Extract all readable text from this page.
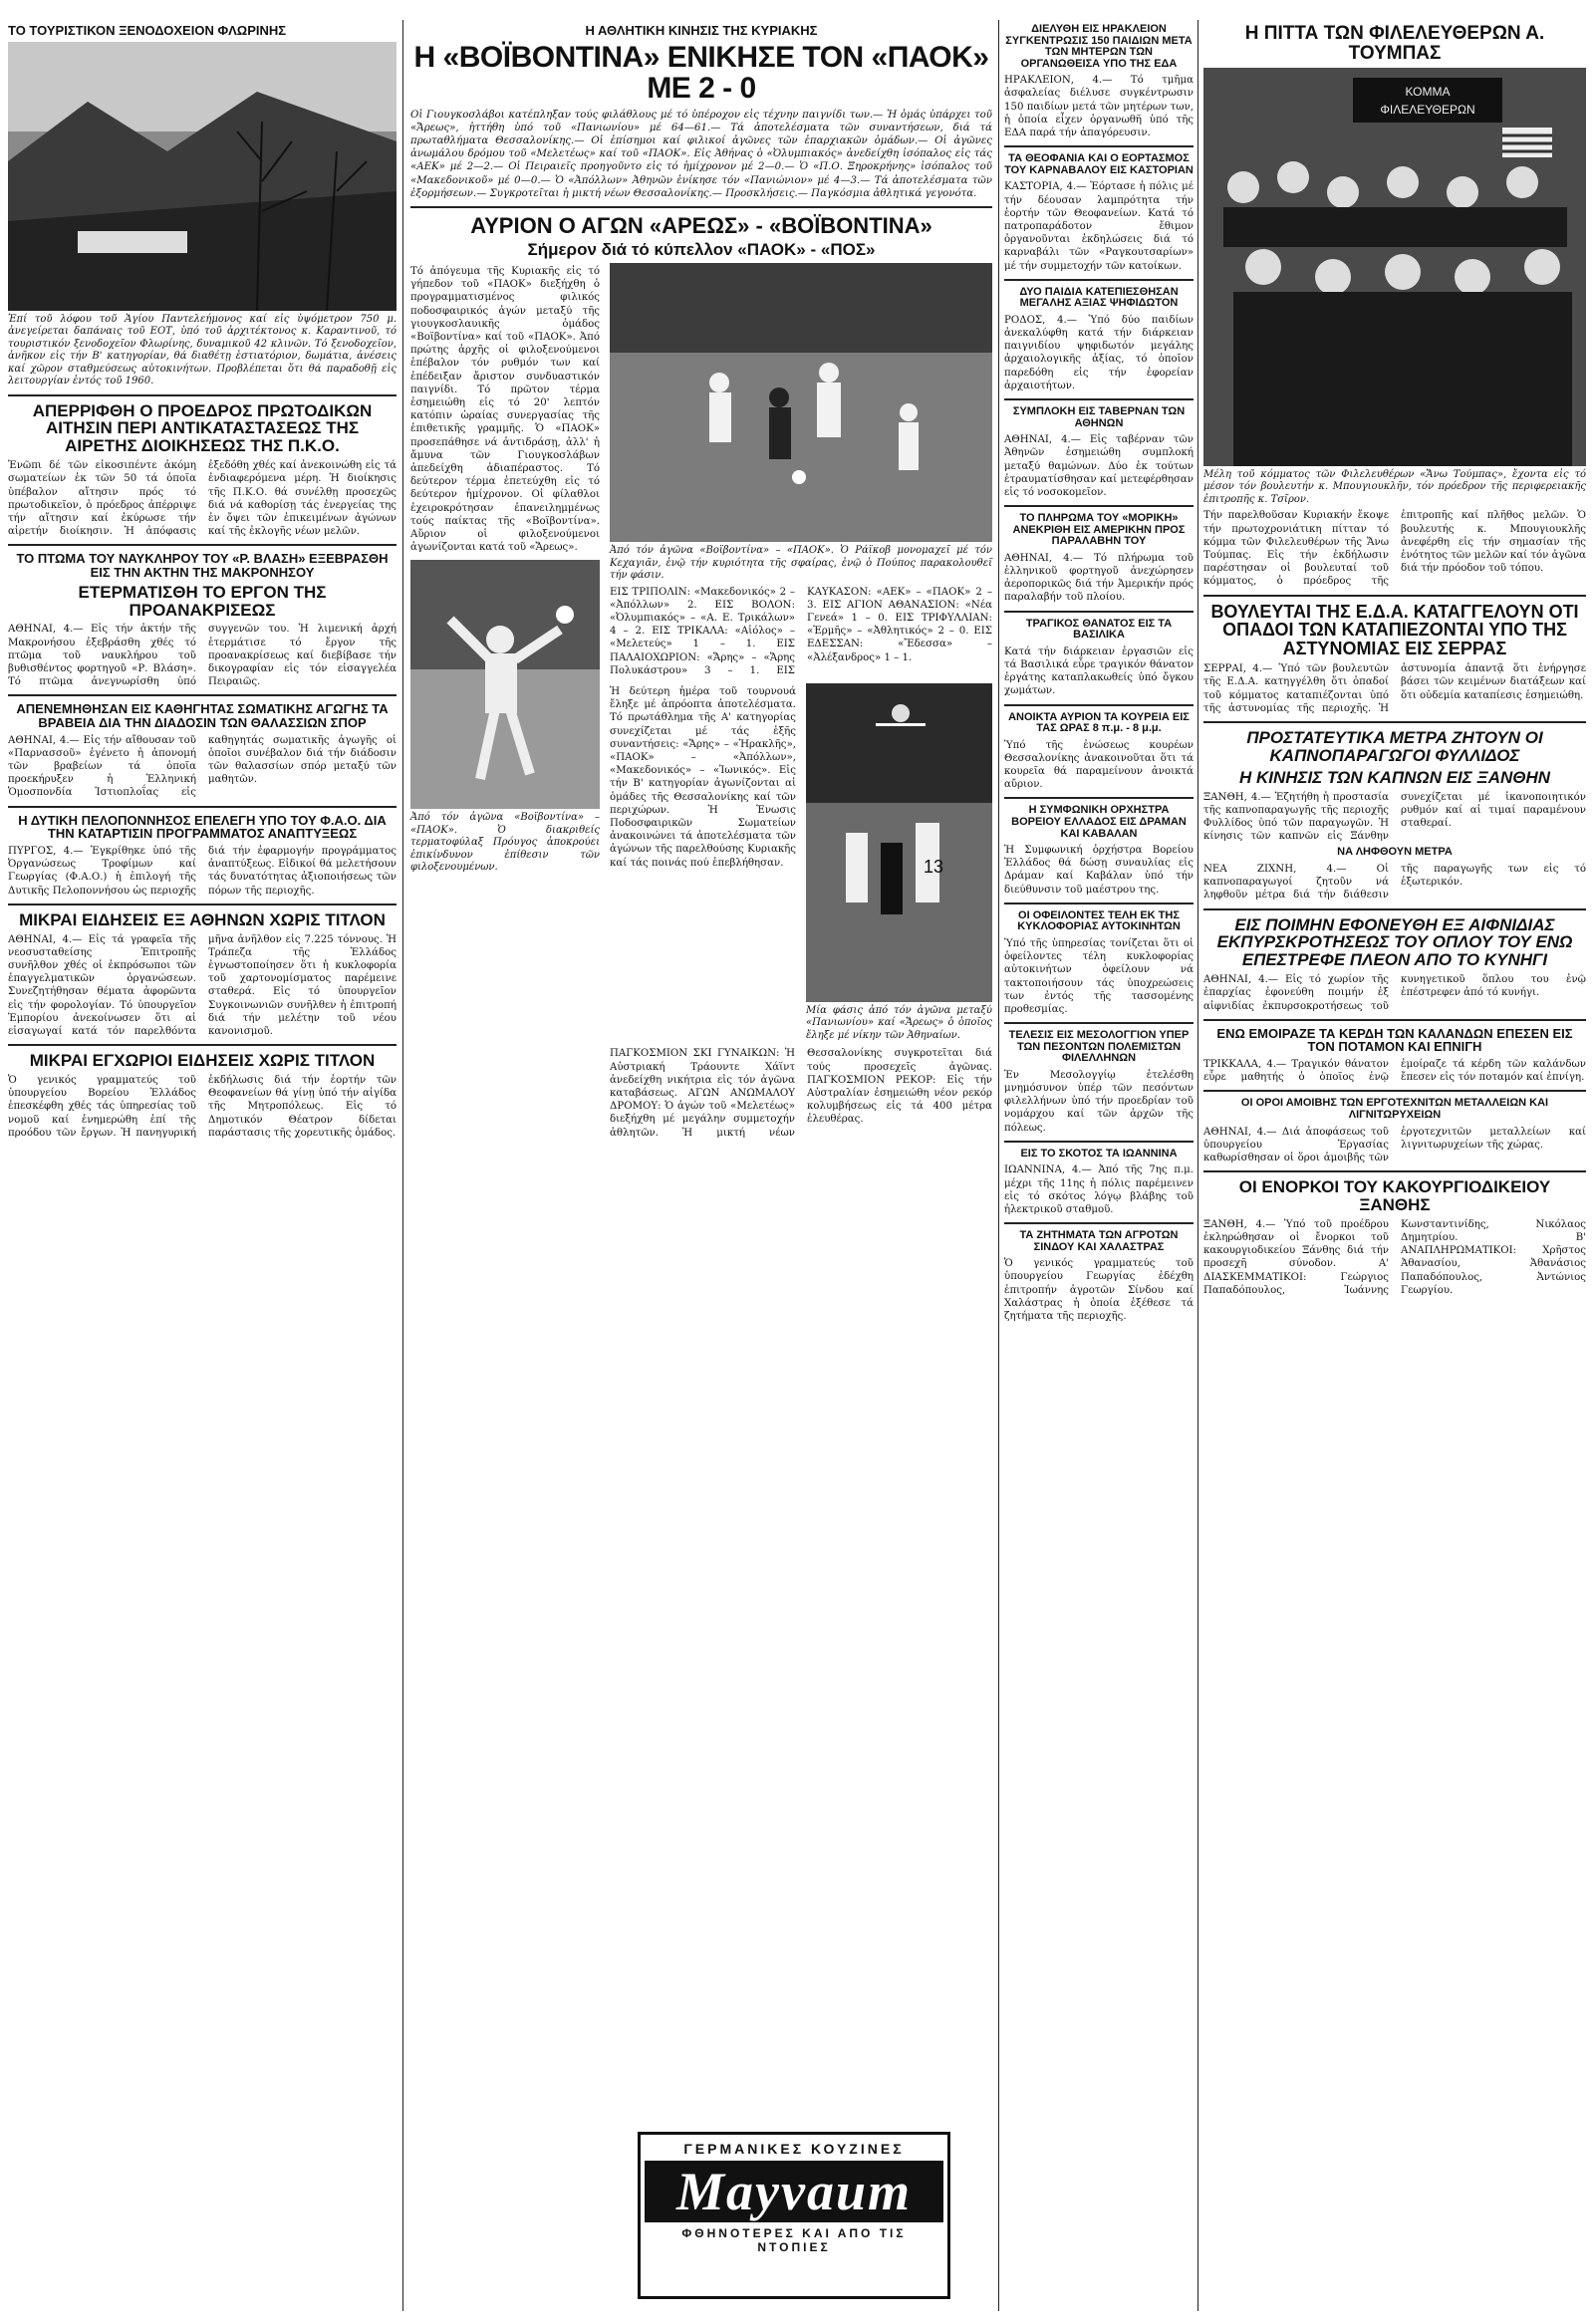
ΤΟ ΤΟΥΡΙΣΤΙΚΟΝ ΞΕΝΟΔΟΧΕΙΟΝ ΦΛΩΡΙΝΗΣ
Ἐπί τοῦ λόφου τοῦ Ἁγίου Παντελεήμονος καί εἰς ὑψόμετρον 750 μ. ἀνεγείρεται δαπάναις τοῦ ΕΟΤ, ὑπό τοῦ ἀρχιτέκτονος κ. Καραντινοῦ, τό τουριστικόν ξενοδοχεῖον Φλωρίνης, δυναμικοῦ 42 κλινῶν. Τό ξενοδοχεῖον, ἀνῆκον εἰς τήν Β' κατηγορίαν, θά διαθέτῃ ἑστιατόριον, δωμάτια, ἀνέσεις καί χῶρον σταθμεύσεως αὐτοκινήτων. Προβλέπεται ὅτι θά παραδοθῇ εἰς λειτουργίαν ἐντός τοῦ 1960.
ΑΠΕΡΡΙΦΘΗ Ο ΠΡΟΕΔΡΟΣ ΠΡΩΤΟΔΙΚΩΝ ΑΙΤΗΣΙΝ ΠΕΡΙ ΑΝΤΙΚΑΤΑΣΤΑΣΕΩΣ ΤΗΣ ΑΙΡΕΤΗΣ ΔΙΟΙΚΗΣΕΩΣ ΤΗΣ Π.Κ.Ο.
Ἐνῶπι δέ τῶν εἰκοσιπέντε ἀκόμη σωματείων ἐκ τῶν 50 τά ὁποῖα ὑπέβαλον αἴτησιν πρός τό πρωτοδικεῖον, ὁ πρόεδρος ἀπέρριψε τήν αἴτησιν καί ἐκύρωσε τήν αἱρετήν διοίκησιν. Ἡ ἀπόφασις ἐξεδόθη χθές καί ἀνεκοινώθη εἰς τά ἐνδιαφερόμενα μέρη. Ἡ διοίκησις τῆς Π.Κ.Ο. θά συνέλθῃ προσεχῶς διά νά καθορίσῃ τάς ἐνεργείας της ἐν ὄψει τῶν ἐπικειμένων ἀγώνων καί τῆς ἐκλογῆς νέων μελῶν.
ΤΟ ΠΤΩΜΑ ΤΟΥ ΝΑΥΚΛΗΡΟΥ ΤΟΥ «Ρ. ΒΛΑΣΗ» ΕΞΕΒΡΑΣΘΗ ΕΙΣ ΤΗΝ ΑΚΤΗΝ ΤΗΣ ΜΑΚΡΟΝΗΣΟΥ
ΕΤΕΡΜΑΤΙΣΘΗ ΤΟ ΕΡΓΟΝ ΤΗΣ ΠΡΟΑΝΑΚΡΙΣΕΩΣ
ΑΘΗΝΑΙ, 4.— Εἰς τήν ἀκτήν τῆς Μακρονήσου ἐξεβράσθη χθές τό πτῶμα τοῦ ναυκλήρου τοῦ βυθισθέντος φορτηγοῦ «Ρ. Βλάση». Τό πτῶμα ἀνεγνωρίσθη ὑπό συγγενῶν του. Ἡ λιμενική ἀρχή ἐτερμάτισε τό ἔργον τῆς προανακρίσεως καί διεβίβασε τήν δικογραφίαν εἰς τόν εἰσαγγελέα Πειραιῶς.
ΑΠΕΝΕΜΗΘΗΣΑΝ ΕΙΣ ΚΑΘΗΓΗΤΑΣ ΣΩΜΑΤΙΚΗΣ ΑΓΩΓΗΣ ΤΑ ΒΡΑΒΕΙΑ ΔΙΑ ΤΗΝ ΔΙΑΔΟΣΙΝ ΤΩΝ ΘΑΛΑΣΣΙΩΝ ΣΠΟΡ
ΑΘΗΝΑΙ, 4.— Εἰς τήν αἴθουσαν τοῦ «Παρνασσοῦ» ἐγένετο ἡ ἀπονομή τῶν βραβείων τά ὁποῖα προεκήρυξεν ἡ Ἑλληνική Ὁμοσπονδία Ἱστιοπλοΐας εἰς καθηγητάς σωματικῆς ἀγωγῆς οἱ ὁποῖοι συνέβαλον διά τήν διάδοσιν τῶν θαλασσίων σπόρ μεταξύ τῶν μαθητῶν.
Η ΔΥΤΙΚΗ ΠΕΛΟΠΟΝΝΗΣΟΣ ΕΠΕΛΕΓΗ ΥΠΟ ΤΟΥ Φ.Α.Ο. ΔΙΑ ΤΗΝ ΚΑΤΑΡΤΙΣΙΝ ΠΡΟΓΡΑΜΜΑΤΟΣ ΑΝΑΠΤΥΞΕΩΣ
ΠΥΡΓΟΣ, 4.— Ἐγκρίθηκε ὑπό τῆς Ὀργανώσεως Τροφίμων καί Γεωργίας (Φ.Α.Ο.) ἡ ἐπιλογή τῆς Δυτικῆς Πελοποννήσου ὡς περιοχῆς διά τήν ἐφαρμογήν προγράμματος ἀναπτύξεως. Εἰδικοί θά μελετήσουν τάς δυνατότητας ἀξιοποιήσεως τῶν πόρων τῆς περιοχῆς.
ΜΙΚΡΑΙ ΕΙΔΗΣΕΙΣ ΕΞ ΑΘΗΝΩΝ ΧΩΡΙΣ ΤΙΤΛΟΝ
ΑΘΗΝΑΙ, 4.— Εἰς τά γραφεῖα τῆς νεοσυσταθείσης Ἐπιτροπῆς συνῆλθον χθές οἱ ἐκπρόσωποι τῶν ἐπαγγελματικῶν ὀργανώσεων. Συνεζητήθησαν θέματα ἀφορῶντα εἰς τήν φορολογίαν. Τό ὑπουργεῖον Ἐμπορίου ἀνεκοίνωσεν ὅτι αἱ εἰσαγωγαί κατά τόν παρελθόντα μῆνα ἀνῆλθον εἰς 7.225 τόννους. Ἡ Τράπεζα τῆς Ἑλλάδος ἐγνωστοποίησεν ὅτι ἡ κυκλοφορία τοῦ χαρτονομίσματος παρέμεινε σταθερά. Εἰς τό ὑπουργεῖον Συγκοινωνιῶν συνῆλθεν ἡ ἐπιτροπή διά τήν μελέτην τοῦ νέου κανονισμοῦ.
ΜΙΚΡΑΙ ΕΓΧΩΡΙΟΙ ΕΙΔΗΣΕΙΣ ΧΩΡΙΣ ΤΙΤΛΟΝ
Ὁ γενικός γραμματεύς τοῦ ὑπουργείου Βορείου Ἑλλάδος ἐπεσκέφθη χθές τάς ὑπηρεσίας τοῦ νομοῦ καί ἐνημερώθη ἐπί τῆς προόδου τῶν ἔργων. Ἡ πανηγυρική ἐκδήλωσις διά τήν ἑορτήν τῶν Θεοφανείων θά γίνῃ ὑπό τήν αἰγίδα τῆς Μητροπόλεως. Εἰς τό Δημοτικόν Θέατρον δίδεται παράστασις τῆς χορευτικῆς ὁμάδος.
Η ΑΘΛΗΤΙΚΗ ΚΙΝΗΣΙΣ ΤΗΣ ΚΥΡΙΑΚΗΣ
Η «ΒΟΪΒΟΝΤΙΝΑ» ΕΝΙΚΗΣΕ ΤΟΝ «ΠΑΟΚ» ΜΕ 2 - 0
Οἱ Γιουγκοσλάβοι κατέπληξαν τούς φιλάθλους μέ τό ὑπέροχον εἰς τέχνην παιγνίδι των.— Ἡ ὁμάς ὑπάρχει τοῦ «Ἄρεως», ἡττήθη ὑπό τοῦ «Πανιωνίου» μέ 64—61.— Τά ἀποτελέσματα τῶν συναντήσεων, διά τά πρωταθλήματα Θεσσαλονίκης.— Οἱ ἐπίσημοι καί φιλικοί ἀγῶνες τῶν ἐπαρχιακῶν ὁμάδων.— Οἱ ἀγῶνες ἀνωμάλου δρόμου τοῦ «Μελετέως» καί τοῦ «ΠΑΟΚ». Εἰς Ἀθήνας ὁ «Ὀλυμπιακός» ἀνεδείχθη ἰσόπαλος εἰς τάς «ΑΕΚ» μέ 2—2.— Οἱ Πειραιεῖς προηγοῦντο εἰς τό ἡμίχρονον μέ 2—0.— Ὁ «Π.Ο. Ξηροκρήνης» ἰσόπαλος τοῦ «Μακεδονικοῦ» μέ 0—0.— Ὁ «Ἀπόλλων» Ἀθηνῶν ἐνίκησε τόν «Πανιώνιον» μέ 4—3.— Τά ἀποτελέσματα τῶν ἐξορμήσεων.— Συγκροτεῖται ἡ μικτή νέων Θεσσαλονίκης.— Προσκλήσεις.— Παγκόσμια ἀθλητικά γεγονότα.
ΑΥΡΙΟΝ Ο ΑΓΩΝ «ΑΡΕΩΣ» - «ΒΟΪΒΟΝΤΙΝΑ»
Σήμερον διά τό κύπελλον «ΠΑΟΚ» - «ΠΟΣ»
Τό ἀπόγευμα τῆς Κυριακῆς εἰς τό γήπεδον τοῦ «ΠΑΟΚ» διεξήχθη ὁ προγραμματισμένος φιλικός ποδοσφαιρικός ἀγών μεταξύ τῆς γιουγκοσλαυικῆς ὁμάδος «Βοϊβοντίνα» καί τοῦ «ΠΑΟΚ». Ἀπό πρώτης ἀρχῆς οἱ φιλοξενούμενοι ἐπέβαλον τόν ρυθμόν των καί ἐπέδειξαν ἄριστον συνδυαστικόν παιγνίδι. Τό πρῶτον τέρμα ἐσημειώθη εἰς τό 20' λεπτόν κατόπιν ὡραίας συνεργασίας τῆς ἐπιθετικῆς γραμμῆς. Ὁ «ΠΑΟΚ» προσεπάθησε νά ἀντιδράσῃ, ἀλλ' ἡ ἄμυνα τῶν Γιουγκοσλάβων ἀπεδείχθη ἀδιαπέραστος. Τό δεύτερον τέρμα ἐπετεύχθη εἰς τό δεύτερον ἡμίχρονον. Οἱ φίλαθλοι ἐχειροκρότησαν ἐπανειλημμένως τούς παίκτας τῆς «Βοϊβοντίνα». Αὔριον οἱ φιλοξενούμενοι ἀγωνίζονται κατά τοῦ «Ἄρεως».
Ἀπό τόν ἀγῶνα «Βοϊβοντίνα» – «ΠΑΟΚ». Ὁ διακριθείς τερματοφύλαξ Πρόυγος ἀποκρούει ἐπικίνδυνον ἐπίθεσιν τῶν φιλοξενουμένων.
Ἀπό τόν ἀγῶνα «Βοϊβοντίνα» – «ΠΑΟΚ». Ὁ Ράϊκοβ μονομαχεῖ μέ τόν Κεχαγιᾶν, ἐνῷ τήν κυριότητα τῆς σφαίρας, ἐνῷ ὁ Πούπος παρακολουθεῖ τήν φάσιν.
ΕΙΣ ΤΡΙΠΟΛΙΝ: «Μακεδονικός» 2 – «Ἀπόλλων» 2. ΕΙΣ ΒΟΛΟΝ: «Ὀλυμπιακός» – «Α. Ε. Τρικάλων» 4 – 2. ΕΙΣ ΤΡΙΚΑΛΑ: «Αἰόλος» – «Μελετεύς» 1 – 1. ΕΙΣ ΠΑΛΑΙΟΧΩΡΙΟΝ: «Ἄρης» – «Ἄρης Πολυκάστρου» 3 – 1. ΕΙΣ ΚΑΥΚΑΣΟΝ: «ΑΕΚ» – «ΠΑΟΚ» 2 – 3. ΕΙΣ ΑΓΙΟΝ ΑΘΑΝΑΣΙΟΝ: «Νέα Γενεά» 1 – 0. ΕΙΣ ΤΡΙΦΥΛΛΙΑΝ: «Ἑρμῆς» – «Ἀθλητικός» 2 – 0. ΕΙΣ ΕΔΕΣΣΑΝ: «Ἔδεσσα» – «Ἀλέξανδρος» 1 – 1.
Ἡ δεύτερη ἡμέρα τοῦ τουρνουά ἔληξε μέ ἀπρόοπτα ἀποτελέσματα. Τό πρωτάθλημα τῆς Α' κατηγορίας συνεχίζεται μέ τάς ἑξῆς συναντήσεις: «Ἄρης» – «Ἡρακλῆς», «ΠΑΟΚ» – «Ἀπόλλων», «Μακεδονικός» – «Ἰωνικός». Εἰς τήν Β' κατηγορίαν ἀγωνίζονται αἱ ὁμάδες τῆς Θεσσαλονίκης καί τῶν περιχώρων. Ἡ Ἑνωσις Ποδοσφαιρικῶν Σωματείων ἀνακοινώνει τά ἀποτελέσματα τῶν ἀγώνων τῆς παρελθούσης Κυριακῆς καί τάς ποινάς πού ἐπεβλήθησαν.	13
Μία φάσις ἀπό τόν ἀγῶνα μεταξύ «Πανιωνίου» καί «Ἄρεως» ὁ ὁποῖος ἔληξε μέ νίκην τῶν Ἀθηναίων.
ΠΑΓΚΟΣΜΙΟΝ ΣΚΙ ΓΥΝΑΙΚΩΝ: Ἡ Αὐστριακή Τράουντε Χάϊντ ἀνεδείχθη νικήτρια εἰς τόν ἀγῶνα καταβάσεως. ΑΓΩΝ ΑΝΩΜΑΛΟΥ ΔΡΟΜΟΥ: Ὁ ἀγών τοῦ «Μελετέως» διεξήχθη μέ μεγάλην συμμετοχήν ἀθλητῶν. Ἡ μικτή νέων Θεσσαλονίκης συγκροτεῖται διά τούς προσεχεῖς ἀγῶνας. ΠΑΓΚΟΣΜΙΟΝ ΡΕΚΟΡ: Εἰς τήν Αὐστραλίαν ἐσημειώθη νέον ρεκόρ κολυμβήσεως εἰς τά 400 μέτρα ἐλευθέρας.
ΔΙΕΛΥΘΗ ΕΙΣ ΗΡΑΚΛΕΙΟΝ ΣΥΓΚΕΝΤΡΩΣΙΣ 150 ΠΑΙΔΙΩΝ ΜΕΤΑ ΤΩΝ ΜΗΤΕΡΩΝ ΤΩΝ ΟΡΓΑΝΩΘΕΙΣΑ ΥΠΟ ΤΗΣ ΕΔΑ
ΗΡΑΚΛΕΙΟΝ, 4.— Τό τμῆμα ἀσφαλείας διέλυσε συγκέντρωσιν 150 παιδίων μετά τῶν μητέρων των, ἡ ὁποία εἶχεν ὀργανωθῆ ὑπό τῆς ΕΔΑ παρά τήν ἀπαγόρευσιν.
ΤΑ ΘΕΟΦΑΝΙΑ ΚΑΙ Ο ΕΟΡΤΑΣΜΟΣ ΤΟΥ ΚΑΡΝΑΒΑΛΟΥ ΕΙΣ ΚΑΣΤΟΡΙΑΝ
ΚΑΣΤΟΡΙΑ, 4.— Ἑόρτασε ἡ πόλις μέ τήν δέουσαν λαμπρότητα τήν ἑορτήν τῶν Θεοφανείων. Κατά τό πατροπαράδοτον ἔθιμον ὀργανοῦνται ἐκδηλώσεις διά τό καρναβάλι τῶν «Ραγκουτσαρίων» μέ τήν συμμετοχήν τῶν κατοίκων.
ΔΥΟ ΠΑΙΔΙΑ ΚΑΤΕΠΙΕΣΘΗΣΑΝ ΜΕΓΑΛΗΣ ΑΞΙΑΣ ΨΗΦΙΔΩΤΟΝ
ΡΟΔΟΣ, 4.— Ὑπό δύο παιδίων ἀνεκαλύφθη κατά τήν διάρκειαν παιγνιδίου ψηφιδωτόν μεγάλης ἀρχαιολογικῆς ἀξίας, τό ὁποῖον παρεδόθη εἰς τήν ἐφορείαν ἀρχαιοτήτων.
ΣΥΜΠΛΟΚΗ ΕΙΣ ΤΑΒΕΡΝΑΝ ΤΩΝ ΑΘΗΝΩΝ
ΑΘΗΝΑΙ, 4.— Εἰς ταβέρναν τῶν Ἀθηνῶν ἐσημειώθη συμπλοκή μεταξύ θαμώνων. Δύο ἐκ τούτων ἐτραυματίσθησαν καί μετεφέρθησαν εἰς τό νοσοκομεῖον.
ΤΟ ΠΛΗΡΩΜΑ ΤΟΥ «ΜΟΡΙΚΗ» ΑΝΕΚΡΙΘΗ ΕΙΣ ΑΜΕΡΙΚΗΝ ΠΡΟΣ ΠΑΡΑΛΑΒΗΝ ΤΟΥ
ΑΘΗΝΑΙ, 4.— Τό πλήρωμα τοῦ ἑλληνικοῦ φορτηγοῦ ἀνεχώρησεν ἀεροπορικῶς διά τήν Ἀμερικήν πρός παραλαβήν τοῦ πλοίου.
ΤΡΑΓΙΚΟΣ ΘΑΝΑΤΟΣ ΕΙΣ ΤΑ ΒΑΣΙΛΙΚΑ
Κατά τήν διάρκειαν ἐργασιῶν εἰς τά Βασιλικά εὗρε τραγικόν θάνατον ἐργάτης καταπλακωθείς ὑπό ὄγκου χωμάτων.
ΑΝΟΙΚΤΑ ΑΥΡΙΟΝ ΤΑ ΚΟΥΡΕΙΑ ΕΙΣ ΤΑΣ ΩΡΑΣ 8 π.μ. - 8 μ.μ.
Ὑπό τῆς ἐνώσεως κουρέων Θεσσαλονίκης ἀνακοινοῦται ὅτι τά κουρεῖα θά παραμείνουν ἀνοικτά αὔριον.
Η ΣΥΜΦΩΝΙΚΗ ΟΡΧΗΣΤΡΑ ΒΟΡΕΙΟΥ ΕΛΛΑΔΟΣ ΕΙΣ ΔΡΑΜΑΝ ΚΑΙ ΚΑΒΑΛΑΝ
Ἡ Συμφωνική ὀρχήστρα Βορείου Ἑλλάδος θά δώσῃ συναυλίας εἰς Δράμαν καί Καβάλαν ὑπό τήν διεύθυνσιν τοῦ μαέστρου της.
ΟΙ ΟΦΕΙΛΟΝΤΕΣ ΤΕΛΗ ΕΚ ΤΗΣ ΚΥΚΛΟΦΟΡΙΑΣ ΑΥΤΟΚΙΝΗΤΩΝ
Ὑπό τῆς ὑπηρεσίας τονίζεται ὅτι οἱ ὀφείλοντες τέλη κυκλοφορίας αὐτοκινήτων ὀφείλουν νά τακτοποιήσουν τάς ὑποχρεώσεις των ἐντός τῆς τασσομένης προθεσμίας.
ΤΕΛΕΣΙΣ ΕΙΣ ΜΕΣΟΛΟΓΓΙΟΝ ΥΠΕΡ ΤΩΝ ΠΕΣΟΝΤΩΝ ΠΟΛΕΜΙΣΤΩΝ ΦΙΛΕΛΛΗΝΩΝ
Ἐν Μεσολογγίῳ ἐτελέσθη μνημόσυνον ὑπέρ τῶν πεσόντων φιλελλήνων ὑπό τήν προεδρίαν τοῦ νομάρχου καί τῶν ἀρχῶν τῆς πόλεως.
ΕΙΣ ΤΟ ΣΚΟΤΟΣ ΤΑ ΙΩΑΝΝΙΝΑ
ΙΩΑΝΝΙΝΑ, 4.— Ἀπό τῆς 7ης π.μ. μέχρι τῆς 11ης ἡ πόλις παρέμεινεν εἰς τό σκότος λόγῳ βλάβης τοῦ ἠλεκτρικοῦ σταθμοῦ.
ΤΑ ΖΗΤΗΜΑΤΑ ΤΩΝ ΑΓΡΟΤΩΝ ΣΙΝΔΟΥ ΚΑΙ ΧΑΛΑΣΤΡΑΣ
Ὁ γενικός γραμματεύς τοῦ ὑπουργείου Γεωργίας ἐδέχθη ἐπιτροπήν ἀγροτῶν Σίνδου καί Χαλάστρας ἡ ὁποία ἐξέθεσε τά ζητήματα τῆς περιοχῆς.
ΓΕΡΜΑΝΙΚΕΣ ΚΟΥΖΙΝΕΣ
Mayvaum
ΦΘΗΝΟΤΕΡΕΣ ΚΑΙ ΑΠΟ ΤΙΣ ΝΤΟΠΙΕΣ
Η ΠΙΤΤΑ ΤΩΝ ΦΙΛΕΛΕΥΘΕΡΩΝ Α. ΤΟΥΜΠΑΣ
ΚΟΜΜΑ
ΦΙΛΕΛΕΥΘΕΡΩΝ
Μέλη τοῦ κόμματος τῶν Φιλελευθέρων «Ἄνω Τούμπας», ἔχοντα εἰς τό μέσον τόν βουλευτήν κ. Μπουγιουκλῆν, τόν πρόεδρον τῆς περιφερειακῆς ἐπιτροπῆς κ. Τσῖρον.
Τήν παρελθοῦσαν Κυριακήν ἔκοψε τήν πρωτοχρονιάτικη πίτταν τό κόμμα τῶν Φιλελευθέρων τῆς Ἄνω Τούμπας. Εἰς τήν ἐκδήλωσιν παρέστησαν οἱ βουλευταί τοῦ κόμματος, ὁ πρόεδρος τῆς ἐπιτροπῆς καί πλῆθος μελῶν. Ὁ βουλευτής κ. Μπουγιουκλῆς ἀνεφέρθη εἰς τήν σημασίαν τῆς ἑνότητος τῶν μελῶν καί τόν ἀγῶνα διά τήν πρόοδον τοῦ τόπου.
ΒΟΥΛΕΥΤΑΙ ΤΗΣ Ε.Δ.Α. ΚΑΤΑΓΓΕΛΟΥΝ ΟΤΙ ΟΠΑΔΟΙ ΤΩΝ ΚΑΤΑΠΙΕΖΟΝΤΑΙ ΥΠΟ ΤΗΣ ΑΣΤΥΝΟΜΙΑΣ ΕΙΣ ΣΕΡΡΑΣ
ΣΕΡΡΑΙ, 4.— Ὑπό τῶν βουλευτῶν τῆς Ε.Δ.Α. κατηγγέλθη ὅτι ὀπαδοί τοῦ κόμματος καταπιέζονται ὑπό τῆς ἀστυνομίας τῆς περιοχῆς. Ἡ ἀστυνομία ἀπαντᾷ ὅτι ἐνήργησε βάσει τῶν κειμένων διατάξεων καί ὅτι οὐδεμία καταπίεσις ἐσημειώθη.
ΠΡΟΣΤΑΤΕΥΤΙΚΑ ΜΕΤΡΑ ΖΗΤΟΥΝ ΟΙ ΚΑΠΝΟΠΑΡΑΓΩΓΟΙ ΦΥΛΛΙΔΟΣ
Η ΚΙΝΗΣΙΣ ΤΩΝ ΚΑΠΝΩΝ ΕΙΣ ΞΑΝΘΗΝ
ΞΑΝΘΗ, 4.— Ἐζητήθη ἡ προστασία τῆς καπνοπαραγωγῆς τῆς περιοχῆς Φυλλίδος ὑπό τῶν παραγωγῶν. Ἡ κίνησις τῶν καπνῶν εἰς Ξάνθην συνεχίζεται μέ ἱκανοποιητικόν ρυθμόν καί αἱ τιμαί παραμένουν σταθεραί.
ΝΑ ΛΗΦΘΟΥΝ ΜΕΤΡΑ
ΝΕΑ ΖΙΧΝΗ, 4.— Οἱ καπνοπαραγωγοί ζητοῦν νά ληφθοῦν μέτρα διά τήν διάθεσιν τῆς παραγωγῆς των εἰς τό ἐξωτερικόν.
ΕΙΣ ΠΟΙΜΗΝ ΕΦΟΝΕΥΘΗ ΕΞ ΑΙΦΝΙΔΙΑΣ ΕΚΠΥΡΣΚΡΟΤΗΣΕΩΣ ΤΟΥ ΟΠΛΟΥ ΤΟΥ ΕΝΩ ΕΠΕΣΤΡΕΦΕ ΠΛΕΟΝ ΑΠΟ ΤΟ ΚΥΝΗΓΙ
ΑΘΗΝΑΙ, 4.— Εἰς τό χωρίον τῆς ἐπαρχίας ἐφονεύθη ποιμήν ἐξ αἰφνιδίας ἐκπυρσοκροτήσεως τοῦ κυνηγετικοῦ ὅπλου του ἐνῷ ἐπέστρεφεν ἀπό τό κυνήγι.
ΕΝΩ ΕΜΟΙΡΑΖΕ ΤΑ ΚΕΡΔΗ ΤΩΝ ΚΑΛΑΝΔΩΝ ΕΠΕΣΕΝ ΕΙΣ ΤΟΝ ΠΟΤΑΜΟΝ ΚΑΙ ΕΠΝΙΓΗ
ΤΡΙΚΚΑΛΑ, 4.— Τραγικόν θάνατον εὗρε μαθητής ὁ ὁποῖος ἐνῷ ἐμοίραζε τά κέρδη τῶν καλάνδων ἔπεσεν εἰς τόν ποταμόν καί ἐπνίγη.
ΟΙ ΟΡΟΙ ΑΜΟΙΒΗΣ ΤΩΝ ΕΡΓΟΤΕΧΝΙΤΩΝ ΜΕΤΑΛΛΕΙΩΝ ΚΑΙ ΛΙΓΝΙΤΩΡΥΧΕΙΩΝ
ΑΘΗΝΑΙ, 4.— Διά ἀποφάσεως τοῦ ὑπουργείου Ἐργασίας καθωρίσθησαν οἱ ὅροι ἀμοιβῆς τῶν ἐργοτεχνιτῶν μεταλλείων καί λιγνιτωρυχείων τῆς χώρας.
ΟΙ ΕΝΟΡΚΟΙ ΤΟΥ ΚΑΚΟΥΡΓΙΟΔΙΚΕΙΟΥ ΞΑΝΘΗΣ
ΞΑΝΘΗ, 4.— Ὑπό τοῦ προέδρου ἐκληρώθησαν οἱ ἔνορκοι τοῦ κακουργιοδικείου Ξάνθης διά τήν προσεχῆ σύνοδον. Α' ΔΙΑΣΚΕΜΜΑΤΙΚΟΙ: Γεώργιος Παπαδόπουλος, Ἰωάννης Κωνσταντινίδης, Νικόλαος Δημητρίου. Β' ΑΝΑΠΛΗΡΩΜΑΤΙΚΟΙ: Χρῆστος Ἀθανασίου, Ἀθανάσιος Παπαδόπουλος, Ἀντώνιος Γεωργίου.
